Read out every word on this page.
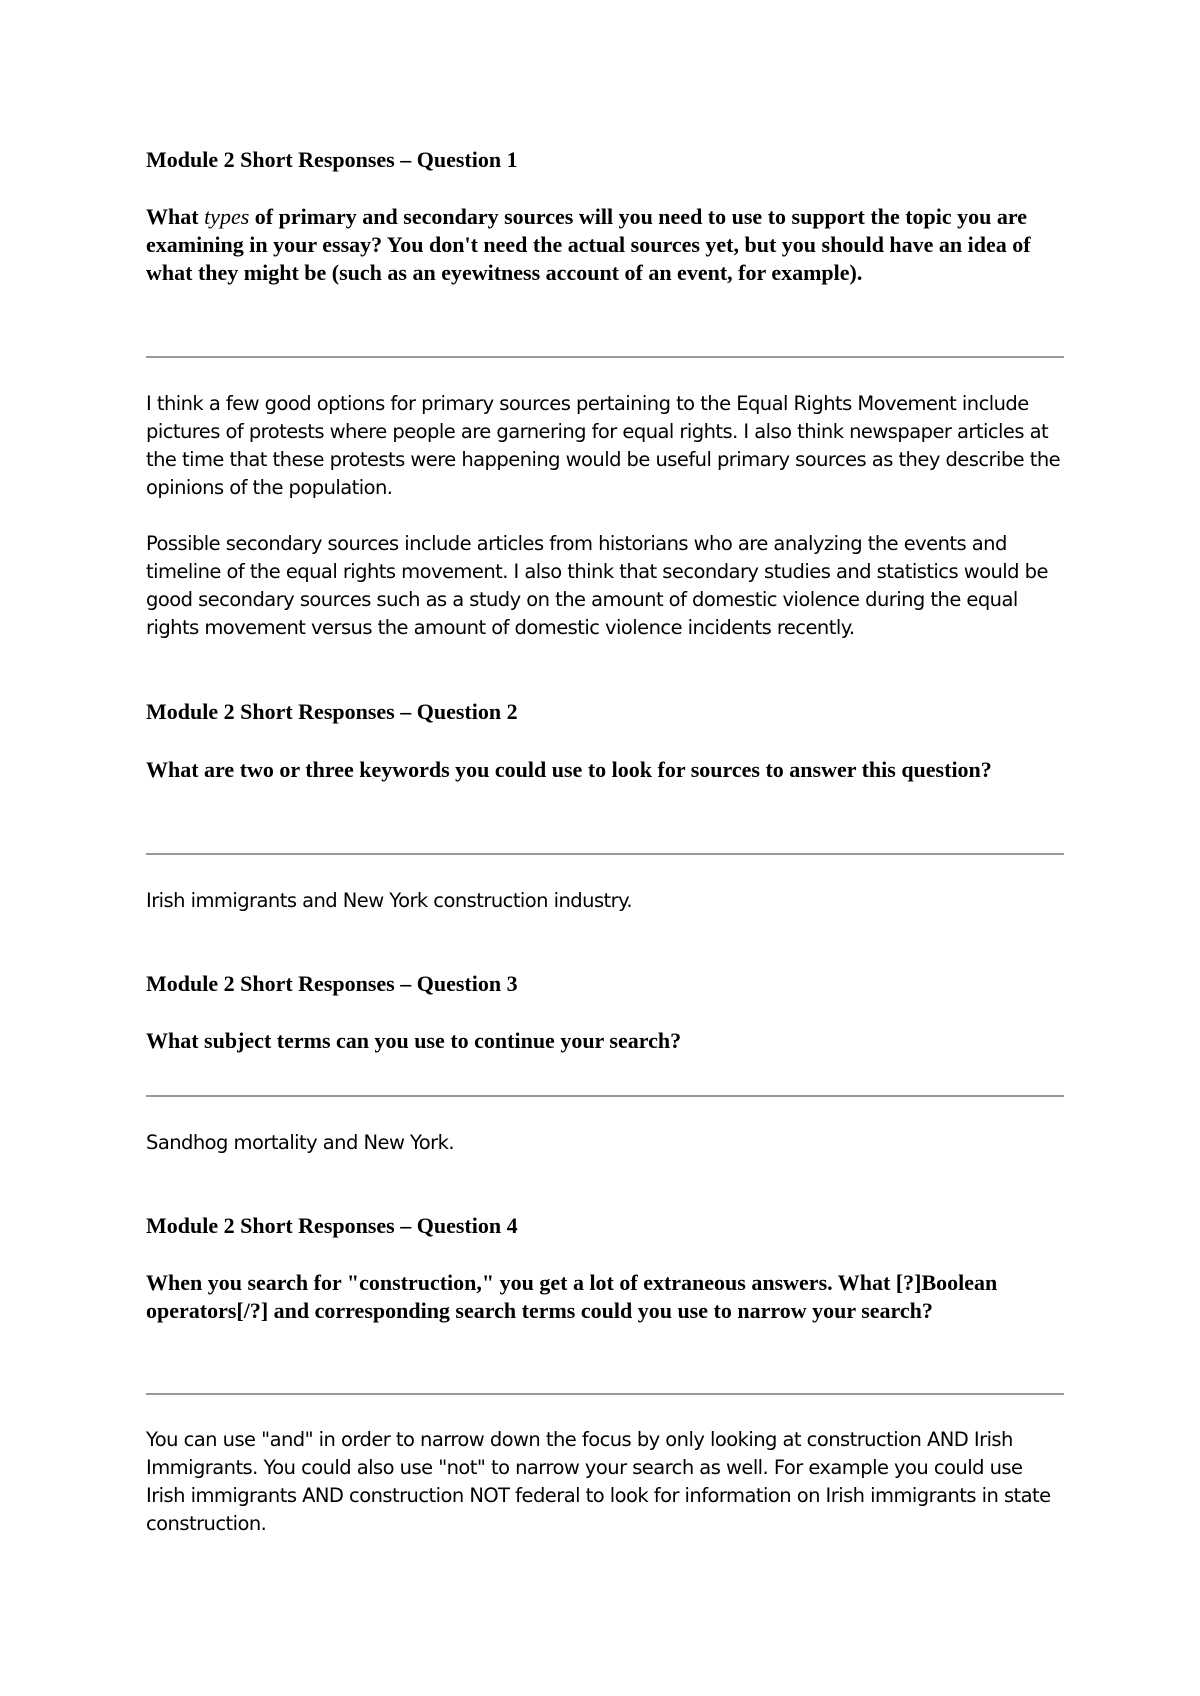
Module 2 Short Responses – Question 1

What types of primary and secondary sources will you need to use to support the topic you are examining in your essay? You don't need the actual sources yet, but you should have an idea of what they might be (such as an eyewitness account of an event, for example).

I think a few good options for primary sources pertaining to the Equal Rights Movement include pictures of protests where people are garnering for equal rights. I also think newspaper articles at the time that these protests were happening would be useful primary sources as they describe the opinions of the population.

Possible secondary sources include articles from historians who are analyzing the events and timeline of the equal rights movement. I also think that secondary studies and statistics would be good secondary sources such as a study on the amount of domestic violence during the equal rights movement versus the amount of domestic violence incidents recently.

Module 2 Short Responses – Question 2

What are two or three keywords you could use to look for sources to answer this question?

Irish immigrants and New York construction industry.

Module 2 Short Responses – Question 3

What subject terms can you use to continue your search?

Sandhog mortality and New York.

Module 2 Short Responses – Question 4

When you search for "construction," you get a lot of extraneous answers. What [?]Boolean operators[/?] and corresponding search terms could you use to narrow your search?

You can use "and" in order to narrow down the focus by only looking at construction AND Irish Immigrants. You could also use "not" to narrow your search as well. For example you could use Irish immigrants AND construction NOT federal to look for information on Irish immigrants in state construction.
